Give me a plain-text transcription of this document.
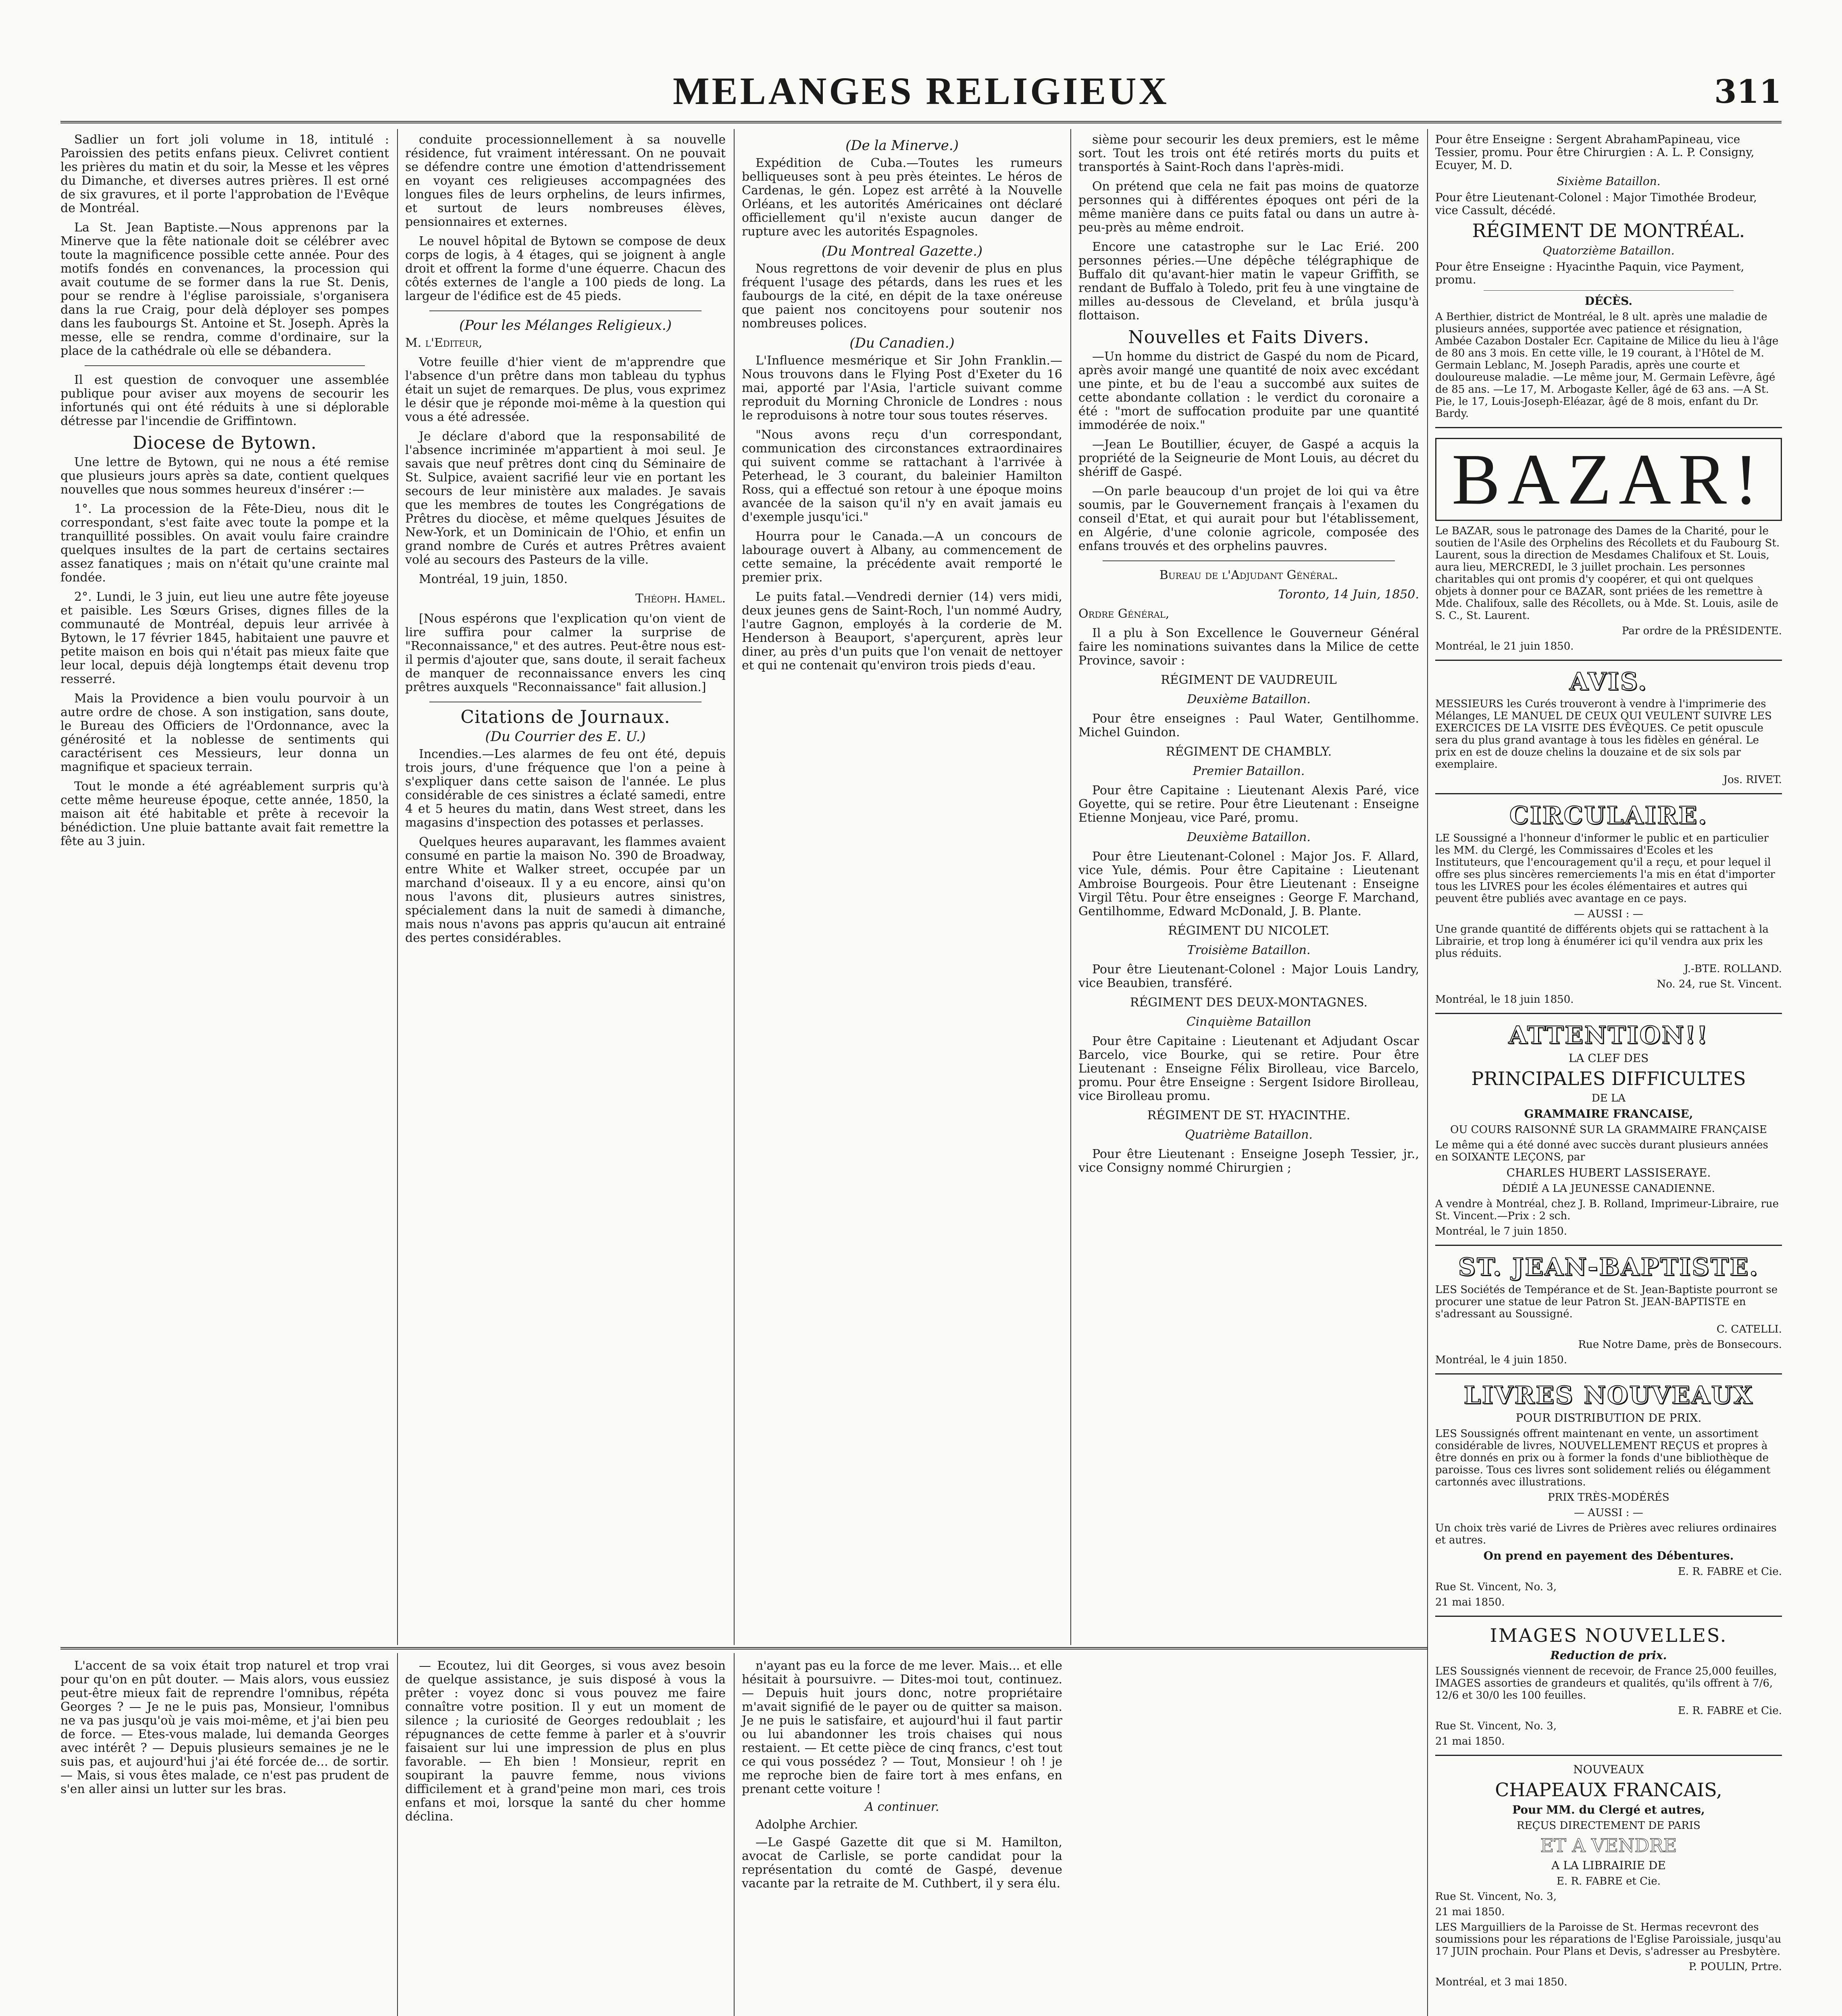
MELANGES RELIGIEUX	311

Sadlier un fort joli volume in 18, intitulé : Paroissien des petits enfans pieux. Celivret contient les prières du matin et du soir, la Messe et les vêpres du Dimanche, et diverses autres prières. Il est orné de six gravures, et il porte l'approbation de l'Evêque de Montréal.

La St. Jean Baptiste.—Nous apprenons par la Minerve que la fête nationale doit se célébrer avec toute la magnificence possible cette année. Pour des motifs fondés en convenances, la procession qui avait coutume de se former dans la rue St. Denis, pour se rendre à l'église paroissiale, s'organisera dans la rue Craig, pour delà déployer ses pompes dans les faubourgs St. Antoine et St. Joseph. Après la messe, elle se rendra, comme d'ordinaire, sur la place de la cathédrale où elle se débandera.

Il est question de convoquer une assemblée publique pour aviser aux moyens de secourir les infortunés qui ont été réduits à une si déplorable détresse par l'incendie de Griffintown.

Diocese de Bytown.

Une lettre de Bytown, qui ne nous a été remise que plusieurs jours après sa date, contient quelques nouvelles que nous sommes heureux d'insérer :—

1°. La procession de la Fête-Dieu, nous dit le correspondant, s'est faite avec toute la pompe et la tranquillité possibles. On avait voulu faire craindre quelques insultes de la part de certains sectaires assez fanatiques ; mais on n'était qu'une crainte mal fondée.

2°. Lundi, le 3 juin, eut lieu une autre fête joyeuse et paisible. Les Sœurs Grises, dignes filles de la communauté de Montréal, depuis leur arrivée à Bytown, le 17 février 1845, habitaient une pauvre et petite maison en bois qui n'était pas mieux faite que leur local, depuis déjà longtemps était devenu trop resserré.

Mais la Providence a bien voulu pourvoir à un autre ordre de chose. A son instigation, sans doute, le Bureau des Officiers de l'Ordonnance, avec la générosité et la noblesse de sentiments qui caractérisent ces Messieurs, leur donna un magnifique et spacieux terrain.

Tout le monde a été agréablement surpris qu'à cette même heureuse époque, cette année, 1850, la maison ait été habitable et prête à recevoir la bénédiction. Une pluie battante avait fait remettre la fête au 3 juin.

conduite processionnellement à sa nouvelle résidence, fut vraiment intéressant. On ne pouvait se défendre contre une émotion d'attendrissement en voyant ces religieuses accompagnées des longues files de leurs orphelins, de leurs infirmes, et surtout de leurs nombreuses élèves, pensionnaires et externes.

Le nouvel hôpital de Bytown se compose de deux corps de logis, à 4 étages, qui se joignent à angle droit et offrent la forme d'une équerre. Chacun des côtés externes de l'angle a 100 pieds de long. La largeur de l'édifice est de 45 pieds.

(Pour les Mélanges Religieux.)

M. l'Editeur,

Votre feuille d'hier vient de m'apprendre que l'absence d'un prêtre dans mon tableau du typhus était un sujet de remarques. De plus, vous exprimez le désir que je réponde moi-même à la question qui vous a été adressée.

Je déclare d'abord que la responsabilité de l'absence incriminée m'appartient à moi seul. Je savais que neuf prêtres dont cinq du Séminaire de St. Sulpice, avaient sacrifié leur vie en portant les secours de leur ministère aux malades. Je savais que les membres de toutes les Congrégations de Prêtres du diocèse, et même quelques Jésuites de New-York, et un Dominicain de l'Ohio, et enfin un grand nombre de Curés et autres Prêtres avaient volé au secours des Pasteurs de la ville.

Montréal, 19 juin, 1850.

Théoph. Hamel.

[Nous espérons que l'explication qu'on vient de lire suffira pour calmer la surprise de "Reconnaissance," et des autres. Peut-être nous est-il permis d'ajouter que, sans doute, il serait facheux de manquer de reconnaissance envers les cinq prêtres auxquels "Reconnaissance" fait allusion.]

Citations de Journaux.
(Du Courrier des E. U.)

Incendies.—Les alarmes de feu ont été, depuis trois jours, d'une fréquence que l'on a peine à s'expliquer dans cette saison de l'année. Le plus considérable de ces sinistres a éclaté samedi, entre 4 et 5 heures du matin, dans West street, dans les magasins d'inspection des potasses et perlasses.

Quelques heures auparavant, les flammes avaient consumé en partie la maison No. 390 de Broadway, entre White et Walker street, occupée par un marchand d'oiseaux. Il y a eu encore, ainsi qu'on nous l'avons dit, plusieurs autres sinistres, spécialement dans la nuit de samedi à dimanche, mais nous n'avons pas appris qu'aucun ait entrainé des pertes considérables.

(De la Minerve.)

Expédition de Cuba.—Toutes les rumeurs belliqueuses sont à peu près éteintes. Le héros de Cardenas, le gén. Lopez est arrêté à la Nouvelle Orléans, et les autorités Américaines ont déclaré officiellement qu'il n'existe aucun danger de rupture avec les autorités Espagnoles.

(Du Montreal Gazette.)

Nous regrettons de voir devenir de plus en plus fréquent l'usage des pétards, dans les rues et les faubourgs de la cité, en dépit de la taxe onéreuse que paient nos concitoyens pour soutenir nos nombreuses polices.

(Du Canadien.)

L'Influence mesmérique et Sir John Franklin.—Nous trouvons dans le Flying Post d'Exeter du 16 mai, apporté par l'Asia, l'article suivant comme reproduit du Morning Chronicle de Londres : nous le reproduisons à notre tour sous toutes réserves.

"Nous avons reçu d'un correspondant, communication des circonstances extraordinaires qui suivent comme se rattachant à l'arrivée à Peterhead, le 3 courant, du baleinier Hamilton Ross, qui a effectué son retour à une époque moins avancée de la saison qu'il n'y en avait jamais eu d'exemple jusqu'ici."

Hourra pour le Canada.—A un concours de labourage ouvert à Albany, au commencement de cette semaine, la précédente avait remporté le premier prix.

Le puits fatal.—Vendredi dernier (14) vers midi, deux jeunes gens de Saint-Roch, l'un nommé Audry, l'autre Gagnon, employés à la corderie de M. Henderson à Beauport, s'aperçurent, après leur diner, au près d'un puits que l'on venait de nettoyer et qui ne contenait qu'environ trois pieds d'eau.

sième pour secourir les deux premiers, est le même sort. Tout les trois ont été retirés morts du puits et transportés à Saint-Roch dans l'après-midi.

On prétend que cela ne fait pas moins de quatorze personnes qui à différentes époques ont péri de la même manière dans ce puits fatal ou dans un autre à-peu-près au même endroit.

Encore une catastrophe sur le Lac Erié. 200 personnes péries.—Une dépêche télégraphique de Buffalo dit qu'avant-hier matin le vapeur Griffith, se rendant de Buffalo à Toledo, prit feu à une vingtaine de milles au-dessous de Cleveland, et brûla jusqu'à flottaison.

Nouvelles et Faits Divers.

—Un homme du district de Gaspé du nom de Picard, après avoir mangé une quantité de noix avec excédant une pinte, et bu de l'eau a succombé aux suites de cette abondante collation : le verdict du coronaire a été : "mort de suffocation produite par une quantité immodérée de noix."

—Jean Le Boutillier, écuyer, de Gaspé a acquis la propriété de la Seigneurie de Mont Louis, au décret du shériff de Gaspé.

—On parle beaucoup d'un projet de loi qui va être soumis, par le Gouvernement français à l'examen du conseil d'Etat, et qui aurait pour but l'établissement, en Algérie, d'une colonie agricole, composée des enfans trouvés et des orphelins pauvres.

Bureau de l'Adjudant Général.

Toronto, 14 Juin, 1850.

Ordre Général,

Il a plu à Son Excellence le Gouverneur Général faire les nominations suivantes dans la Milice de cette Province, savoir :

RÉGIMENT DE VAUDREUIL

Deuxième Bataillon.

Pour être enseignes : Paul Water, Gentilhomme. Michel Guindon.

RÉGIMENT DE CHAMBLY.

Premier Bataillon.

Pour être Capitaine : Lieutenant Alexis Paré, vice Goyette, qui se retire. Pour être Lieutenant : Enseigne Etienne Monjeau, vice Paré, promu.

Deuxième Bataillon.

Pour être Lieutenant-Colonel : Major Jos. F. Allard, vice Yule, démis. Pour être Capitaine : Lieutenant Ambroise Bourgeois. Pour être Lieutenant : Enseigne Virgil Têtu. Pour être enseignes : George F. Marchand, Gentilhomme, Edward McDonald, J. B. Plante.

RÉGIMENT DU NICOLET.

Troisième Bataillon.

Pour être Lieutenant-Colonel : Major Louis Landry, vice Beaubien, transféré.

RÉGIMENT DES DEUX-MONTAGNES.

Cinquième Bataillon

Pour être Capitaine : Lieutenant et Adjudant Oscar Barcelo, vice Bourke, qui se retire. Pour être Lieutenant : Enseigne Félix Birolleau, vice Barcelo, promu. Pour être Enseigne : Sergent Isidore Birolleau, vice Birolleau promu.

RÉGIMENT DE ST. HYACINTHE.

Quatrième Bataillon.

Pour être Lieutenant : Enseigne Joseph Tessier, jr., vice Consigny nommé Chirurgien ;

L'accent de sa voix était trop naturel et trop vrai pour qu'on en pût douter. — Mais alors, vous eussiez peut-être mieux fait de reprendre l'omnibus, répéta Georges ? — Je ne le puis pas, Monsieur, l'omnibus ne va pas jusqu'où je vais moi-même, et j'ai bien peu de force. — Etes-vous malade, lui demanda Georges avec intérêt ? — Depuis plusieurs semaines je ne le suis pas, et aujourd'hui j'ai été forcée de... de sortir. — Mais, si vous êtes malade, ce n'est pas prudent de s'en aller ainsi un lutter sur les bras.

— Ecoutez, lui dit Georges, si vous avez besoin de quelque assistance, je suis disposé à vous la prêter : voyez donc si vous pouvez me faire connaître votre position. Il y eut un moment de silence ; la curiosité de Georges redoublait ; les répugnances de cette femme à parler et à s'ouvrir faisaient sur lui une impression de plus en plus favorable. — Eh bien ! Monsieur, reprit en soupirant la pauvre femme, nous vivions difficilement et à grand'peine mon mari, ces trois enfans et moi, lorsque la santé du cher homme déclina.

n'ayant pas eu la force de me lever. Mais... et elle hésitait à poursuivre. — Dites-moi tout, continuez. — Depuis huit jours donc, notre propriétaire m'avait signifié de le payer ou de quitter sa maison. Je ne puis le satisfaire, et aujourd'hui il faut partir ou lui abandonner les trois chaises qui nous restaient. — Et cette pièce de cinq francs, c'est tout ce qui vous possédez ? — Tout, Monsieur ! oh ! je me reproche bien de faire tort à mes enfans, en prenant cette voiture !

A continuer.

Adolphe Archier.

—Le Gaspé Gazette dit que si M. Hamilton, avocat de Carlisle, se porte candidat pour la représentation du comté de Gaspé, devenue vacante par la retraite de M. Cuthbert, il y sera élu.

Pour être Enseigne : Sergent AbrahamPapineau, vice Tessier, promu. Pour être Chirurgien : A. L. P. Consigny, Ecuyer, M. D.

Sixième Bataillon.

Pour être Lieutenant-Colonel : Major Timothée Brodeur, vice Cassult, décédé.

RÉGIMENT DE MONTRÉAL.

Quatorzième Bataillon.

Pour être Enseigne : Hyacinthe Paquin, vice Payment, promu.

DÉCÈS.

A Berthier, district de Montréal, le 8 ult. après une maladie de plusieurs années, supportée avec patience et résignation, Ambée Cazabon Dostaler Ecr. Capitaine de Milice du lieu à l'âge de 80 ans 3 mois. En cette ville, le 19 courant, à l'Hôtel de M. Germain Leblanc, M. Joseph Paradis, après une courte et douloureuse maladie. —Le même jour, M. Germain Lefèvre, âgé de 85 ans. —Le 17, M. Arbogaste Keller, âgé de 63 ans. —A St. Pie, le 17, Louis-Joseph-Eléazar, âgé de 8 mois, enfant du Dr. Bardy.

BAZAR!

Le BAZAR, sous le patronage des Dames de la Charité, pour le soutien de l'Asile des Orphelins des Récollets et du Faubourg St. Laurent, sous la direction de Mesdames Chalifoux et St. Louis, aura lieu, MERCREDI, le 3 juillet prochain. Les personnes charitables qui ont promis d'y coopérer, et qui ont quelques objets à donner pour ce BAZAR, sont priées de les remettre à Mde. Chalifoux, salle des Récollets, ou à Mde. St. Louis, asile de S. C., St. Laurent.

Par ordre de la PRÉSIDENTE.

Montréal, le 21 juin 1850.

AVIS.

MESSIEURS les Curés trouveront à vendre à l'imprimerie des Mélanges, LE MANUEL DE CEUX QUI VEULENT SUIVRE LES EXERCICES DE LA VISITE DES ÉVÊQUES. Ce petit opuscule sera du plus grand avantage à tous les fidèles en général. Le prix en est de douze chelins la douzaine et de six sols par exemplaire.

Jos. RIVET.

CIRCULAIRE.

LE Soussigné a l'honneur d'informer le public et en particulier les MM. du Clergé, les Commissaires d'Ecoles et les Instituteurs, que l'encouragement qu'il a reçu, et pour lequel il offre ses plus sincères remerciements l'a mis en état d'importer tous les LIVRES pour les écoles élémentaires et autres qui peuvent être publiés avec avantage en ce pays.

— AUSSI : —

Une grande quantité de différents objets qui se rattachent à la Librairie, et trop long à énumérer ici qu'il vendra aux prix les plus réduits.

J.-BTE. ROLLAND.

No. 24, rue St. Vincent.

Montréal, le 18 juin 1850.

ATTENTION!!

LA CLEF DES

PRINCIPALES DIFFICULTES

DE LA

GRAMMAIRE FRANCAISE,

OU COURS RAISONNÉ SUR LA GRAMMAIRE FRANÇAISE

Le même qui a été donné avec succès durant plusieurs années en SOIXANTE LEÇONS, par

CHARLES HUBERT LASSISERAYE.

DÉDIÉ A LA JEUNESSE CANADIENNE.

A vendre à Montréal, chez J. B. Rolland, Imprimeur-Libraire, rue St. Vincent.—Prix : 2 sch.

Montréal, le 7 juin 1850.

ST. JEAN-BAPTISTE.

LES Sociétés de Tempérance et de St. Jean-Baptiste pourront se procurer une statue de leur Patron St. JEAN-BAPTISTE en s'adressant au Soussigné.

C. CATELLI.

Rue Notre Dame, près de Bonsecours.

Montréal, le 4 juin 1850.

LIVRES NOUVEAUX

POUR DISTRIBUTION DE PRIX.

LES Soussignés offrent maintenant en vente, un assortiment considérable de livres, NOUVELLEMENT REÇUS et propres à être donnés en prix ou à former la fonds d'une bibliothèque de paroisse. Tous ces livres sont solidement reliés ou élégamment cartonnés avec illustrations.

PRIX TRÈS-MODÉRÉS

— AUSSI : —

Un choix très varié de Livres de Prières avec reliures ordinaires et autres.

On prend en payement des Débentures.

E. R. FABRE et Cie.

Rue St. Vincent, No. 3,

21 mai 1850.

IMAGES NOUVELLES.

Reduction de prix.

LES Soussignés viennent de recevoir, de France 25,000 feuilles, IMAGES assorties de grandeurs et qualités, qu'ils offrent à 7/6, 12/6 et 30/0 les 100 feuilles.

E. R. FABRE et Cie.

Rue St. Vincent, No. 3,

21 mai 1850.

NOUVEAUX

CHAPEAUX FRANCAIS,

Pour MM. du Clergé et autres,

REÇUS DIRECTEMENT DE PARIS

ET A VENDRE

A LA LIBRAIRIE DE

E. R. FABRE et Cie.

Rue St. Vincent, No. 3,

21 mai 1850.

LES Marguilliers de la Paroisse de St. Hermas recevront des soumissions pour les réparations de l'Eglise Paroissiale, jusqu'au 17 JUIN prochain. Pour Plans et Devis, s'adresser au Presbytère.

P. POULIN, Prtre.

Montréal, et 3 mai 1850.
